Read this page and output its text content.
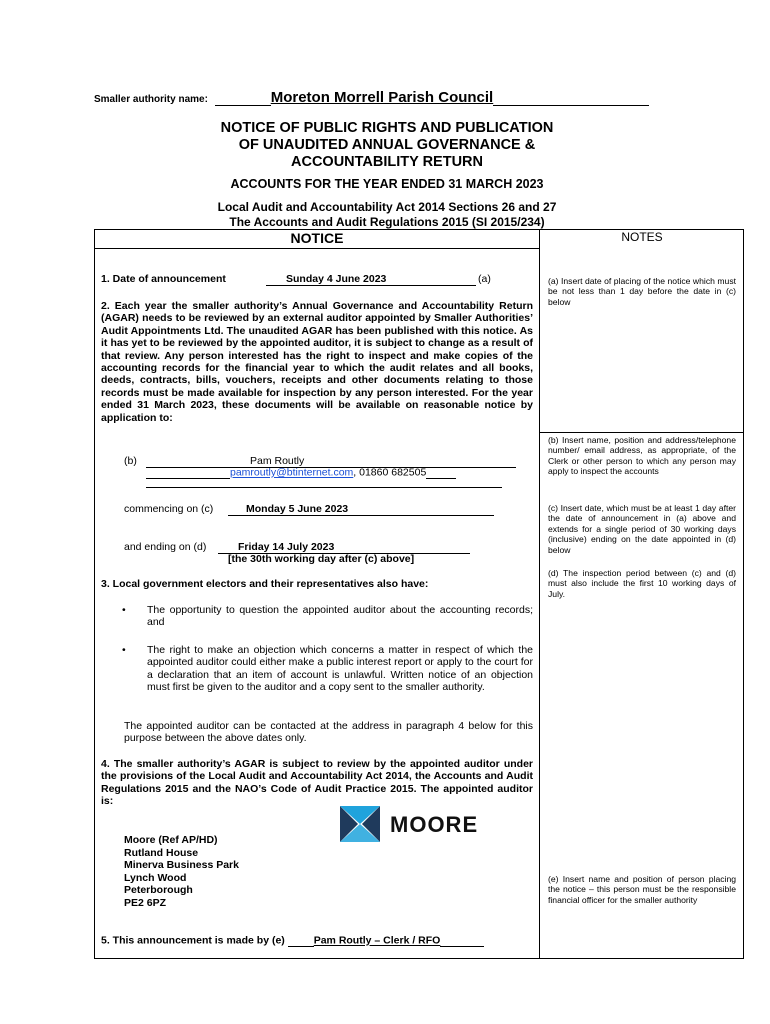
Smaller authority name:	Moreton Morrell Parish Council
NOTICE OF PUBLIC RIGHTS AND PUBLICATION
OF UNAUDITED ANNUAL GOVERNANCE &
ACCOUNTABILITY RETURN
ACCOUNTS FOR THE YEAR ENDED 31 MARCH 2023
Local Audit and Accountability Act 2014 Sections 26 and 27
The Accounts and Audit Regulations 2015 (SI 2015/234)
NOTICE	NOTES
1. Date of announcement	Sunday 4 June 2023	(a)
2. Each year the smaller authority’s Annual Governance and Accountability Return (AGAR) needs to be reviewed by an external auditor appointed by Smaller Authorities’ Audit Appointments Ltd. The unaudited AGAR has been published with this notice. As it has yet to be reviewed by the appointed auditor, it is subject to change as a result of that review. Any person interested has the right to inspect and make copies of the accounting records for the financial year to which the audit relates and all books, deeds, contracts, bills, vouchers, receipts and other documents relating to those records must be made available for inspection by any person interested. For the year ended 31 March 2023, these documents will be available on reasonable notice by application to:
(b)	Pam Routly
pamroutly@btinternet.com, 01860 682505
commencing on (c)	Monday 5 June 2023
and ending on (d)	Friday 14 July 2023
[the 30th working day after (c) above]
3. Local government electors and their representatives also have:
• The opportunity to question the appointed auditor about the accounting records; and
• The right to make an objection which concerns a matter in respect of which the appointed auditor could either make a public interest report or apply to the court for a declaration that an item of account is unlawful. Written notice of an objection must first be given to the auditor and a copy sent to the smaller authority.
The appointed auditor can be contacted at the address in paragraph 4 below for this purpose between the above dates only.
4. The smaller authority’s AGAR is subject to review by the appointed auditor under the provisions of the Local Audit and Accountability Act 2014, the Accounts and Audit Regulations 2015 and the NAO’s Code of Audit Practice 2015. The appointed auditor is:
MOORE
Moore (Ref AP/HD)
Rutland House
Minerva Business Park
Lynch Wood
Peterborough
PE2 6PZ
5. This announcement is made by (e)	Pam Routly – Clerk / RFO
(a) Insert date of placing of the notice which must be not less than 1 day before the date in (c) below
(b) Insert name, position and address/telephone number/ email address, as appropriate, of the Clerk or other person to which any person may apply to inspect the accounts
(c) Insert date, which must be at least 1 day after the date of announcement in (a) above and extends for a single period of 30 working days (inclusive) ending on the date appointed in (d) below
(d) The inspection period between (c) and (d) must also include the first 10 working days of July.
(e) Insert name and position of person placing the notice – this person must be the responsible financial officer for the smaller authority
